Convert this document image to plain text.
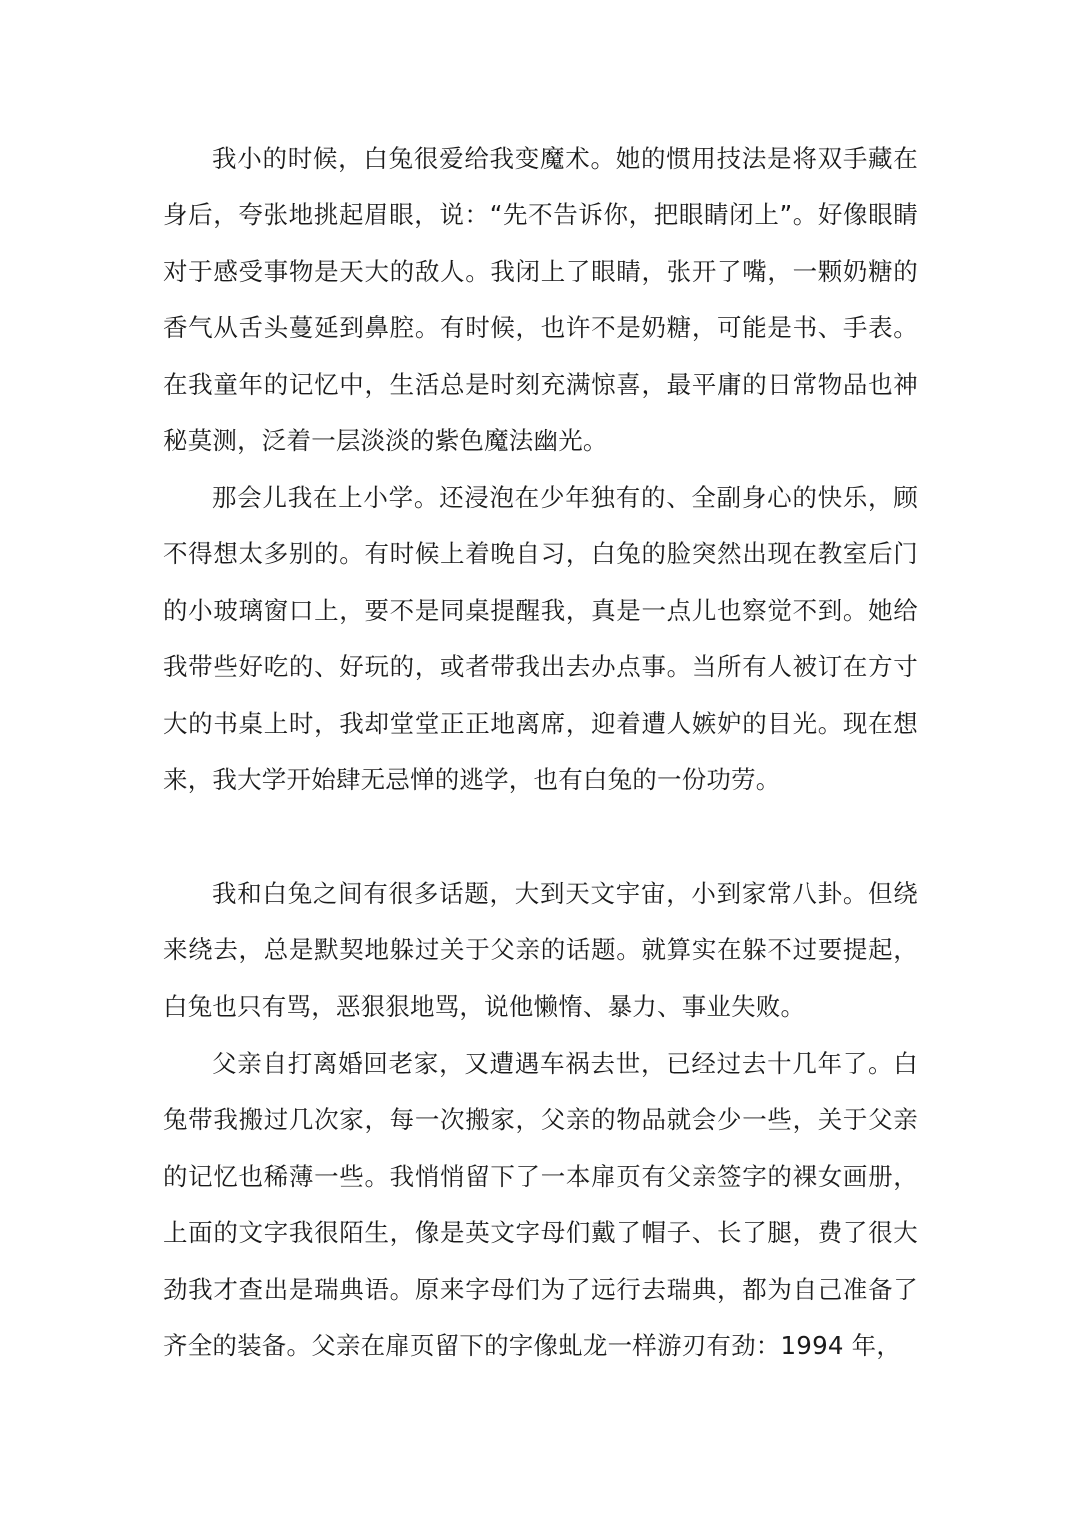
我小的时候，白兔很爱给我变魔术。她的惯用技法是将双手藏在身后，夸张地挑起眉眼，说：“先不告诉你，把眼睛闭上”。好像眼睛对于感受事物是天大的敌人。我闭上了眼睛，张开了嘴，一颗奶糖的香气从舌头蔓延到鼻腔。有时候，也许不是奶糖，可能是书、手表。在我童年的记忆中，生活总是时刻充满惊喜，最平庸的日常物品也神秘莫测，泛着一层淡淡的紫色魔法幽光。

那会儿我在上小学。还浸泡在少年独有的、全副身心的快乐，顾不得想太多别的。有时候上着晚自习，白兔的脸突然出现在教室后门的小玻璃窗口上，要不是同桌提醒我，真是一点儿也察觉不到。她给我带些好吃的、好玩的，或者带我出去办点事。当所有人被订在方寸大的书桌上时，我却堂堂正正地离席，迎着遭人嫉妒的目光。现在想来，我大学开始肆无忌惮的逃学，也有白兔的一份功劳。

我和白兔之间有很多话题，大到天文宇宙，小到家常八卦。但绕来绕去，总是默契地躲过关于父亲的话题。就算实在躲不过要提起，白兔也只有骂，恶狠狠地骂，说他懒惰、暴力、事业失败。

父亲自打离婚回老家，又遭遇车祸去世，已经过去十几年了。白兔带我搬过几次家，每一次搬家，父亲的物品就会少一些，关于父亲的记忆也稀薄一些。我悄悄留下了一本扉页有父亲签字的裸女画册，上面的文字我很陌生，像是英文字母们戴了帽子、长了腿，费了很大劲我才查出是瑞典语。原来字母们为了远行去瑞典，都为自己准备了齐全的装备。父亲在扉页留下的字像虬龙一样游刃有劲：1994 年，
